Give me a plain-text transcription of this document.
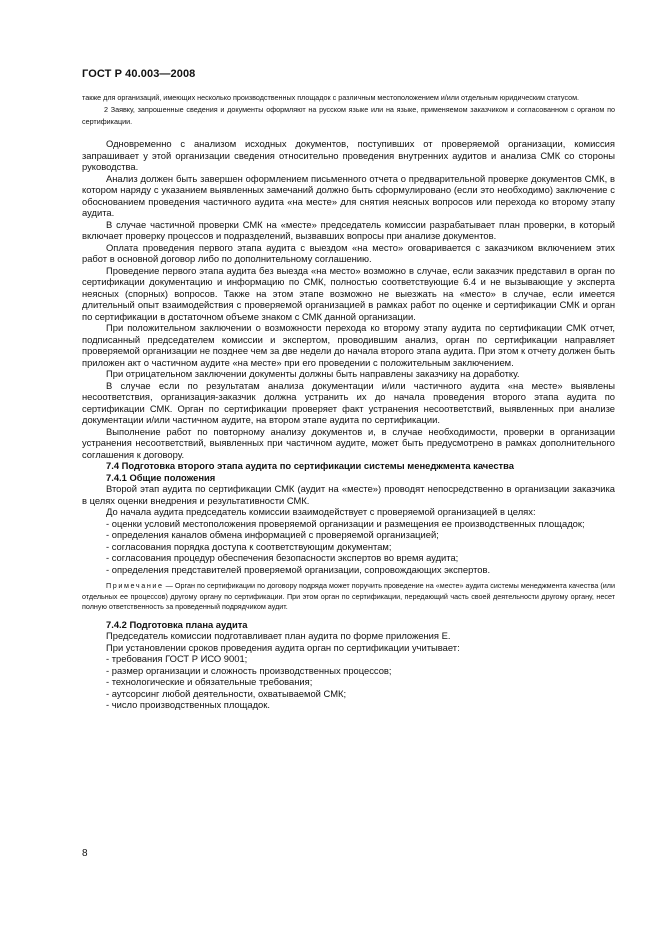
ГОСТ Р 40.003—2008

также для организаций, имеющих несколько производственных площадок с различным местоположением и/или отдельным юридическим статусом.

2 Заявку, запрошенные сведения и документы оформляют на русском языке или на языке, применяемом заказчиком и согласованном с органом по сертификации.

Одновременно с анализом исходных документов, поступивших от проверяемой организации, комиссия запрашивает у этой организации сведения относительно проведения внутренних аудитов и анализа СМК со стороны руководства.

Анализ должен быть завершен оформлением письменного отчета о предварительной проверке документов СМК, в котором наряду с указанием выявленных замечаний должно быть сформулировано (если это необходимо) заключение с обоснованием проведения частичного аудита «на месте» для снятия неясных вопросов или перехода ко второму этапу аудита.

В случае частичной проверки СМК на «месте» председатель комиссии разрабатывает план проверки, в который включает проверку процессов и подразделений, вызвавших вопросы при анализе документов.

Оплата проведения первого этапа аудита с выездом «на место» оговаривается с заказчиком включением этих работ в основной договор либо по дополнительному соглашению.

Проведение первого этапа аудита без выезда «на место» возможно в случае, если заказчик представил в орган по сертификации документацию и информацию по СМК, полностью соответствующие 6.4 и не вызывающие у эксперта неясных (спорных) вопросов. Также на этом этапе возможно не выезжать на «место» в случае, если имеется длительный опыт взаимодействия с проверяемой организацией в рамках работ по оценке и сертификации СМК и орган по сертификации в достаточном объеме знаком с СМК данной организации.

При положительном заключении о возможности перехода ко второму этапу аудита по сертификации СМК отчет, подписанный председателем комиссии и экспертом, проводившим анализ, орган по сертификации направляет проверяемой организации не позднее чем за две недели до начала второго этапа аудита. При этом к отчету должен быть приложен акт о частичном аудите «на месте» при его проведении с положительным заключением.

При отрицательном заключении документы должны быть направлены заказчику на доработку.

В случае если по результатам анализа документации и/или частичного аудита «на месте» выявлены несоответствия, организация-заказчик должна устранить их до начала проведения второго этапа аудита по сертификации СМК. Орган по сертификации проверяет факт устранения несоответствий, выявленных при анализе документации и/или частичном аудите, на втором этапе аудита по сертификации.

Выполнение работ по повторному анализу документов и, в случае необходимости, проверки в организации устранения несоответствий, выявленных при частичном аудите, может быть предусмотрено в рамках дополнительного соглашения к договору.

7.4 Подготовка второго этапа аудита по сертификации системы менеджмента качества

7.4.1 Общие положения

Второй этап аудита по сертификации СМК (аудит на «месте») проводят непосредственно в организации заказчика в целях оценки внедрения и результативности СМК.

До начала аудита председатель комиссии взаимодействует с проверяемой организацией в целях:

- оценки условий местоположения проверяемой организации и размещения ее производственных площадок;

- определения каналов обмена информацией с проверяемой организацией;

- согласования порядка доступа к соответствующим документам;

- согласования процедур обеспечения безопасности экспертов во время аудита;

- определения представителей проверяемой организации, сопровождающих экспертов.

Примечание — Орган по сертификации по договору подряда может поручить проведение на «месте» аудита системы менеджмента качества (или отдельных ее процессов) другому органу по сертификации. При этом орган по сертификации, передающий часть своей деятельности другому органу, несет полную ответственность за проведенный подрядчиком аудит.

7.4.2 Подготовка плана аудита

Председатель комиссии подготавливает план аудита по форме приложения Е.

При установлении сроков проведения аудита орган по сертификации учитывает:

- требования ГОСТ Р ИСО 9001;

- размер организации и сложность производственных процессов;

- технологические и обязательные требования;

- аутсорсинг любой деятельности, охватываемой СМК;

- число производственных площадок.

8
